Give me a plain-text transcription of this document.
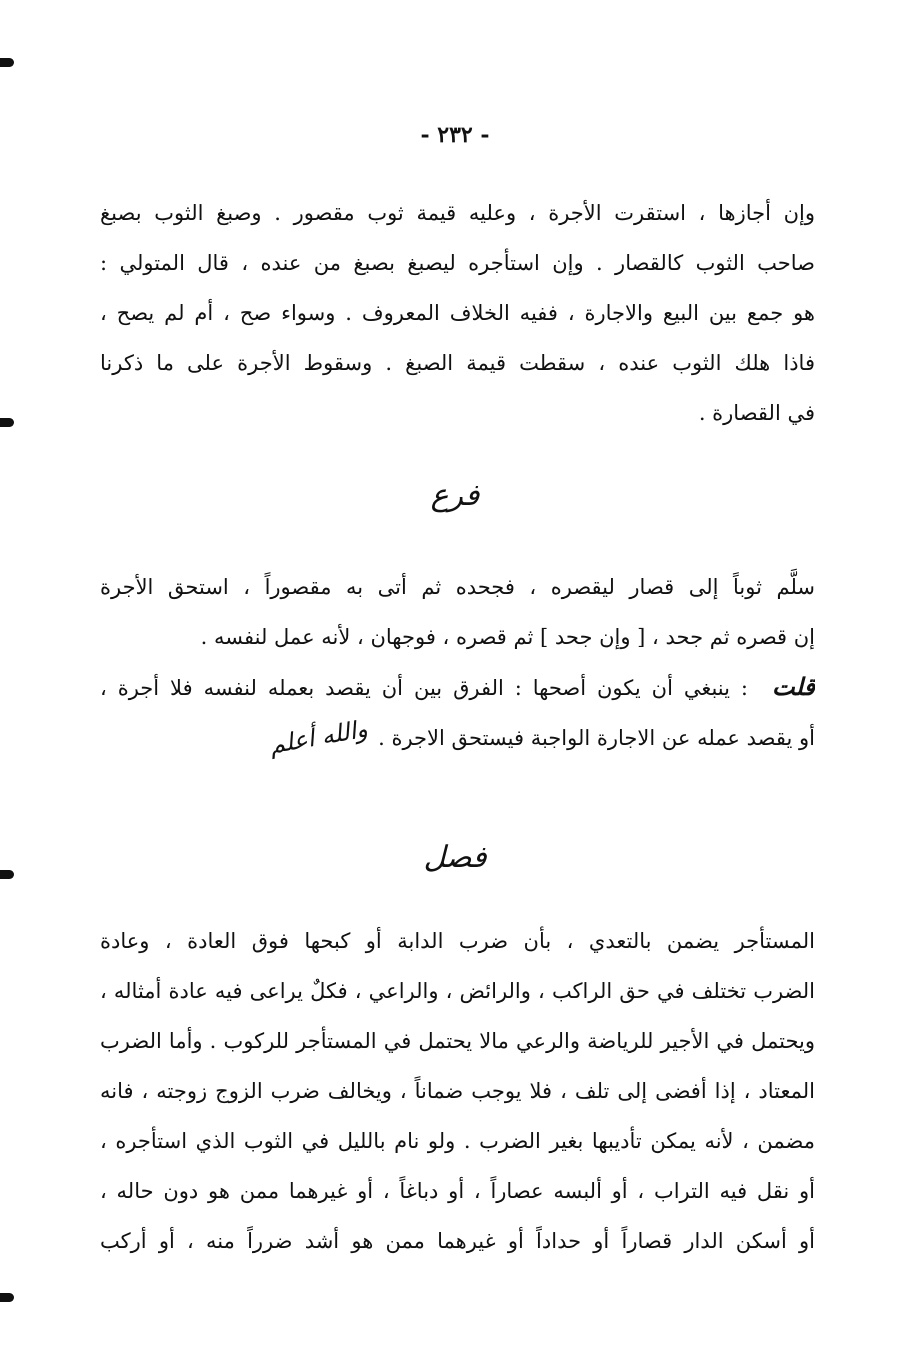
- ٢٣٢ -
وإن أجازها ، استقرت الأجرة ، وعليه قيمة ثوب مقصور . وصبغ الثوب بصبغ
صاحب الثوب كالقصار . وإن استأجره ليصبغ بصبغ من عنده ، قال المتولي :
هو جمع بين البيع والاجارة ، ففيه الخلاف المعروف . وسواء صح ، أم لم يصح ،
فاذا هلك الثوب عنده ، سقطت قيمة الصبغ . وسقوط الأجرة على ما ذكرنا
في القصارة .
فرع
سلَّم ثوباً إلى قصار ليقصره ، فجحده ثم أتى به مقصوراً ، استحق الأجرة
إن قصره ثم جحد ، [ وإن جحد ] ثم قصره ، فوجهان ، لأنه عمل لنفسه .
قلت: ينبغي أن يكون أصحها : الفرق بين أن يقصد بعمله لنفسه فلا أجرة ،
أو يقصد عمله عن الاجارة الواجبة فيستحق الاجرة .والله أعلم
فصل
المستأجر يضمن بالتعدي ، بأن ضرب الدابة أو كبحها فوق العادة ، وعادة
الضرب تختلف في حق الراكب ، والرائض ، والراعي ، فكلٌ يراعى فيه عادة أمثاله ،
ويحتمل في الأجير للرياضة والرعي مالا يحتمل في المستأجر للركوب . وأما الضرب
المعتاد ، إذا أفضى إلى تلف ، فلا يوجب ضماناً ، ويخالف ضرب الزوج زوجته ، فانه
مضمن ، لأنه يمكن تأديبها بغير الضرب . ولو نام بالليل في الثوب الذي استأجره ،
أو نقل فيه التراب ، أو ألبسه عصاراً ، أو دباغاً ، أو غيرهما ممن هو دون حاله ،
أو أسكن الدار قصاراً أو حداداً أو غيرهما ممن هو أشد ضرراً منه ، أو أركب
